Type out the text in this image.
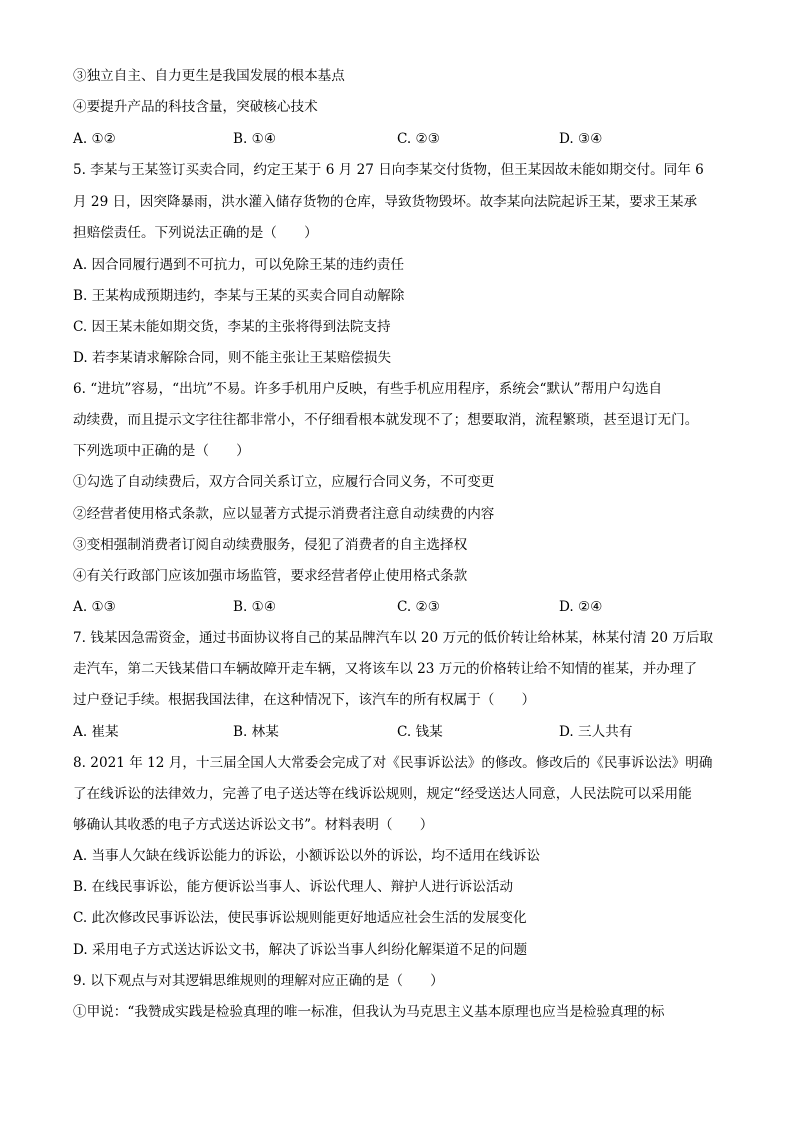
③独立自主、自力更生是我国发展的根本基点
④要提升产品的科技含量，突破核心技术
A. ①②	B. ①④	C. ②③	D. ③④
5. 李某与王某签订买卖合同，约定王某于 6 月 27 日向李某交付货物，但王某因故未能如期交付。同年 6
月 29 日，因突降暴雨，洪水灌入储存货物的仓库，导致货物毁坏。故李某向法院起诉王某，要求王某承
担赔偿责任。下列说法正确的是（　　）
A. 因合同履行遇到不可抗力，可以免除王某的违约责任
B. 王某构成预期违约，李某与王某的买卖合同自动解除
C. 因王某未能如期交货，李某的主张将得到法院支持
D. 若李某请求解除合同，则不能主张让王某赔偿损失
6. “进坑”容易，“出坑”不易。许多手机用户反映，有些手机应用程序，系统会“默认”帮用户勾选自
动续费，而且提示文字往往都非常小，不仔细看根本就发现不了；想要取消，流程繁琐，甚至退订无门。
下列选项中正确的是（　　）
①勾选了自动续费后，双方合同关系订立，应履行合同义务，不可变更
②经营者使用格式条款，应以显著方式提示消费者注意自动续费的内容
③变相强制消费者订阅自动续费服务，侵犯了消费者的自主选择权
④有关行政部门应该加强市场监管，要求经营者停止使用格式条款
A. ①③	B. ①④	C. ②③	D. ②④
7. 钱某因急需资金，通过书面协议将自己的某品牌汽车以 20 万元的低价转让给林某，林某付清 20 万后取
走汽车，第二天钱某借口车辆故障开走车辆，又将该车以 23 万元的价格转让给不知情的崔某，并办理了
过户登记手续。根据我国法律，在这种情况下，该汽车的所有权属于（　　）
A. 崔某	B. 林某	C. 钱某	D. 三人共有
8. 2021 年 12 月，十三届全国人大常委会完成了对《民事诉讼法》的修改。修改后的《民事诉讼法》明确
了在线诉讼的法律效力，完善了电子送达等在线诉讼规则，规定“经受送达人同意，人民法院可以采用能
够确认其收悉的电子方式送达诉讼文书”。材料表明（　　）
A. 当事人欠缺在线诉讼能力的诉讼，小额诉讼以外的诉讼，均不适用在线诉讼
B. 在线民事诉讼，能方便诉讼当事人、诉讼代理人、辩护人进行诉讼活动
C. 此次修改民事诉讼法，使民事诉讼规则能更好地适应社会生活的发展变化
D. 采用电子方式送达诉讼文书，解决了诉讼当事人纠纷化解渠道不足的问题
9. 以下观点与对其逻辑思维规则的理解对应正确的是（　　）
①甲说：“我赞成实践是检验真理的唯一标准，但我认为马克思主义基本原理也应当是检验真理的标
